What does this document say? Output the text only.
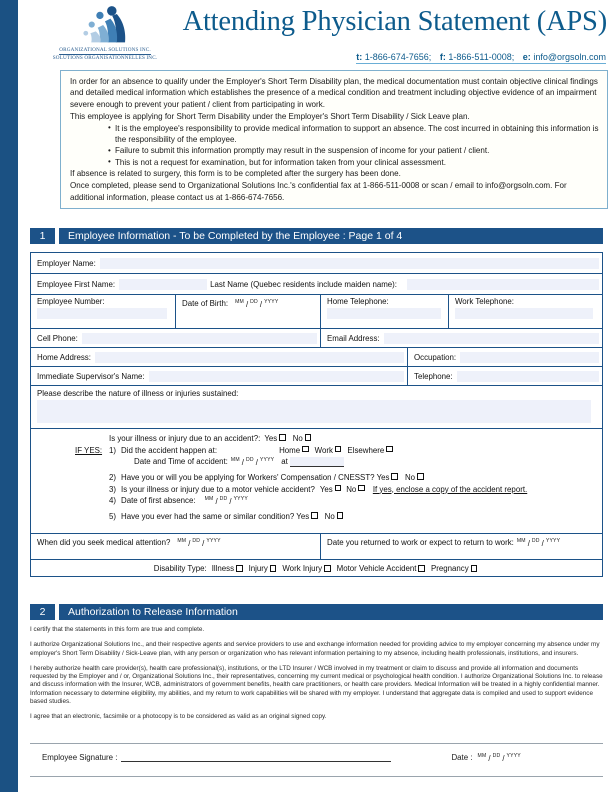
ORGANIZATIONAL SOLUTIONS INC.
SOLUTIONS ORGANISATIONNELLES INC.
Attending Physician Statement (APS)
t: 1-866-674-7656; f: 1-866-511-0008; e: info@orgsoln.com

In order for an absence to qualify under the Employer's Short Term Disability plan, the medical documentation must contain objective clinical findings and detailed medical information which establishes the presence of a medical condition and treatment including objective evidence of an impairment severe enough to prevent your patient / client from participating in work.

This employee is applying for Short Term Disability under the Employer's Short Term Disability / Sick Leave plan.

• It is the employee's responsibility to provide medical information to support an absence. The cost incurred in obtaining this information is the responsibility of the employee.
• Failure to submit this information promptly may result in the suspension of income for your patient / client.
• This is not a request for examination, but for information taken from your clinical assessment.

If absence is related to surgery, this form is to be completed after the surgery has been done.

Once completed, please send to Organizational Solutions Inc.'s confidential fax at 1-866-511-0008 or scan / email to info@orgsoln.com. For additional information, please contact us at 1-866-674-7656.

1	Employee Information - To be Completed by the Employee : Page 1 of 4
Employer Name:
Employee First Name:	Last Name (Quebec residents include maiden name):
Employee Number:	Date of Birth: MM / DD / YYYY	Home Telephone:	Work Telephone:
Cell Phone:	Email Address:
Home Address:	Occupation:
Immediate Supervisor's Name:	Telephone:
Please describe the nature of illness or injuries sustained:
Is your illness or injury due to an accident?: Yes No
IF YES: 1) Did the accident happen at:	Home Work Elsewhere
Date and Time of accident: MM / DD / YYYY at
2) Have you or will you be applying for Workers' Compensation / CNESST? Yes No
3) Is your illness or injury due to a motor vehicle accident? Yes No If yes, enclose a copy of the accident report.
4) Date of first absence: MM / DD / YYYY
5) Have you ever had the same or similar condition? Yes No
When did you seek medical attention? MM / DD / YYYY	Date you returned to work or expect to return to work: MM / DD / YYYY
Disability Type: Illness Injury Work Injury Motor Vehicle Accident Pregnancy
2	Authorization to Release Information

I certify that the statements in this form are true and complete.

I authorize Organizational Solutions Inc., and their respective agents and service providers to use and exchange information needed for providing advice to my employer concerning my absence under my employer's Short Term Disability / Sick-Leave plan, with any person or organization who has relevant information pertaining to my absence, including health professionals, institutions, and insurers.

I hereby authorize health care provider(s), health care professional(s), institutions, or the LTD Insurer / WCB involved in my treatment or claim to discuss and provide all information and documents requested by the Employer and / or, Organizational Solutions Inc., their representatives, concerning my current medical or psychological health condition. I authorize Organizational Solutions Inc. to release and discuss information with the Insurer, WCB, administrators of government benefits, health care practitioners, or health care providers. Medical Information will be treated in a highly confidential manner. Information necessary to determine eligibility, my abilities, and my return to work capabilities will be shared with my employer. I understand that aggregate data is compiled and used to support evidence based studies.

I agree that an electronic, facsimile or a photocopy is to be considered as valid as an original signed copy.

Employee Signature :	Date : MM / DD / YYYY
